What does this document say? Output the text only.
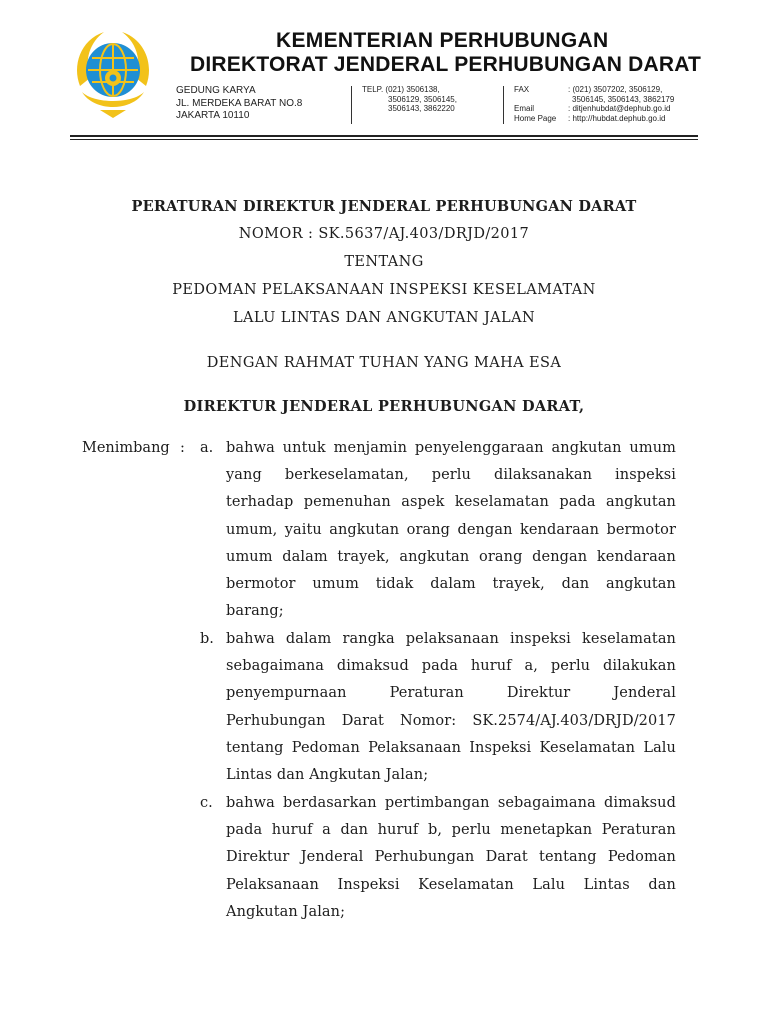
KEMENTERIAN PERHUBUNGAN
DIREKTORAT JENDERAL PERHUBUNGAN DARAT
GEDUNG KARYA
JL. MERDEKA BARAT NO.8
JAKARTA 10110
TELP. (021) 3506138,
3506129, 3506145,
3506143, 3862220
FAX	: (021) 3507202, 3506129,
3506145, 3506143, 3862179
Email	: ditjenhubdat@dephub.go.id
Home Page	: http://hubdat.dephub.go.id
PERATURAN DIREKTUR JENDERAL PERHUBUNGAN DARAT
NOMOR : SK.5637/AJ.403/DRJD/2017
TENTANG
PEDOMAN PELAKSANAAN INSPEKSI KESELAMATAN
LALU LINTAS DAN ANGKUTAN JALAN
DENGAN RAHMAT TUHAN YANG MAHA ESA
DIREKTUR JENDERAL PERHUBUNGAN DARAT,
Menimbang : a. bahwa untuk menjamin penyelenggaraan angkutan umum
yang berkeselamatan, perlu dilaksanakan inspeksi
terhadap pemenuhan aspek keselamatan pada angkutan
umum, yaitu angkutan orang dengan kendaraan bermotor
umum dalam trayek, angkutan orang dengan kendaraan
bermotor umum tidak dalam trayek, dan angkutan
barang;
b. bahwa dalam rangka pelaksanaan inspeksi keselamatan
sebagaimana dimaksud pada huruf a, perlu dilakukan
penyempurnaan Peraturan Direktur Jenderal
Perhubungan Darat Nomor: SK.2574/AJ.403/DRJD/2017
tentang Pedoman Pelaksanaan Inspeksi Keselamatan Lalu
Lintas dan Angkutan Jalan;
c. bahwa berdasarkan pertimbangan sebagaimana dimaksud
pada huruf a dan huruf b, perlu menetapkan Peraturan
Direktur Jenderal Perhubungan Darat tentang Pedoman
Pelaksanaan Inspeksi Keselamatan Lalu Lintas dan
Angkutan Jalan;
